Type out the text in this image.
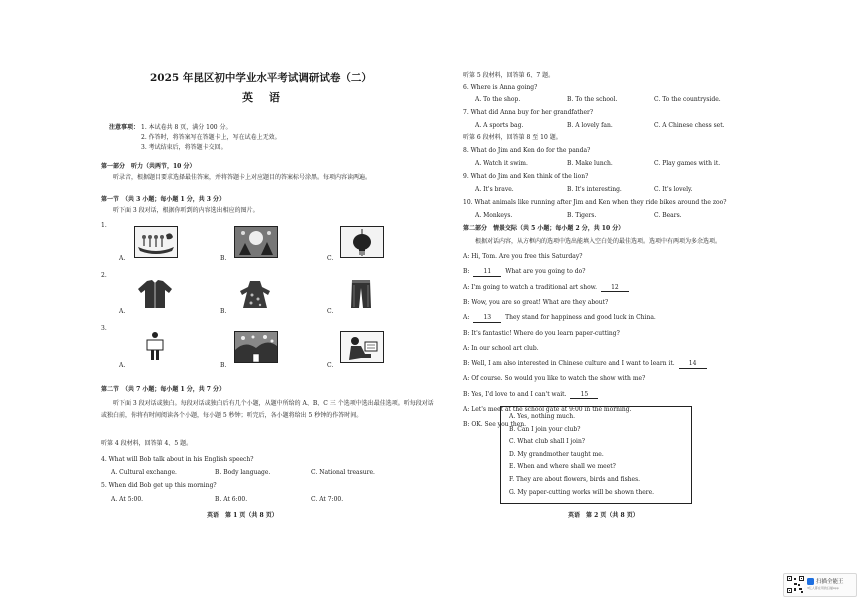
2025 年昆区初中学业水平考试调研试卷（二）
英 语
注意事项： 1. 本试卷共 8 页，满分 100 分。
2. 作答时，将答案写在答题卡上，写在试卷上无效。
3. 考试结束后，将答题卡交回。
第一部分　听力（共两节，10 分）
听录音，根据题目要求选择最佳答案，并将答题卡上对应题目的答案标号涂黑。每项内容读两遍。
第一节　（共 3 小题；每小题 1 分，共 3 分）
听下面 3 段对话，根据你听到的内容选出相应的图片。
1.
A.	B.	C.
2.
A.	B.	C.
3.
A.	B.	C.
第二节　（共 7 小题；每小题 1 分，共 7 分）
听下面 3 段对话或独白。每段对话或独白后有几个小题，从题中所给的 A、B、C 三 个选项中选出最佳选项。听每段对话或独白前，你将有时间阅读各个小题，每小题 5 秒钟；听完后，各小题将给出 5 秒钟的作答时间。
听第 4 段材料，回答第 4、5 题。
4. What will Bob talk about in his English speech?
A. Cultural exchange.	B. Body language.	C. National treasure.
5. When did Bob get up this morning?
A. At 5:00.	B. At 6:00.	C. At 7:00.
英语　第 1 页（共 8 页）
听第 5 段材料，回答第 6、7 题。
6. Where is Anna going?
A. To the shop.	B. To the school.	C. To the countryside.
7. What did Anna buy for her grandfather?
A. A sports bag.	B. A lovely fan.	C. A Chinese chess set.
听第 6 段材料，回答第 8 至 10 题。
8. What do Jim and Ken do for the panda?
A. Watch it swim.	B. Make lunch.	C. Play games with it.
9. What do Jim and Ken think of the lion?
A. It's brave.	B. It's interesting.	C. It's lovely.
10. What animals like running after Jim and Ken when they ride bikes around the zoo?
A. Monkeys.	B. Tigers.	C. Bears.
第二部分　情景交际（共 5 小题；每小题 2 分，共 10 分）
根据对话内容，从方框内的选项中选出能填入空白处的最佳选项。选项中有两项为多余选项。
A: Hi, Tom. Are you free this Saturday?
B: 11 What are you going to do?
A: I'm going to watch a traditional art show. 12
B: Wow, you are so great! What are they about?
A: 13 They stand for happiness and good luck in China.
B: It's fantastic! Where do you learn paper-cutting?
A: In our school art club.
B: Well, I am also interested in Chinese culture and I want to learn it. 14
A: Of course. So would you like to watch the show with me?
B: Yes, I'd love to and I can't wait. 15
A: Let's meet at the school gate at 9:00 in the morning.
B: OK. See you then.
A. Yes, nothing much.
B. Can I join your club?
C. What club shall I join?
D. My grandmother taught me.
E. When and where shall we meet?
F. They are about flowers, birds and fishes.
G. My paper-cutting works will be shown there.
英语　第 2 页（共 8 页）
扫描全能王
3亿人都在用的扫描App
